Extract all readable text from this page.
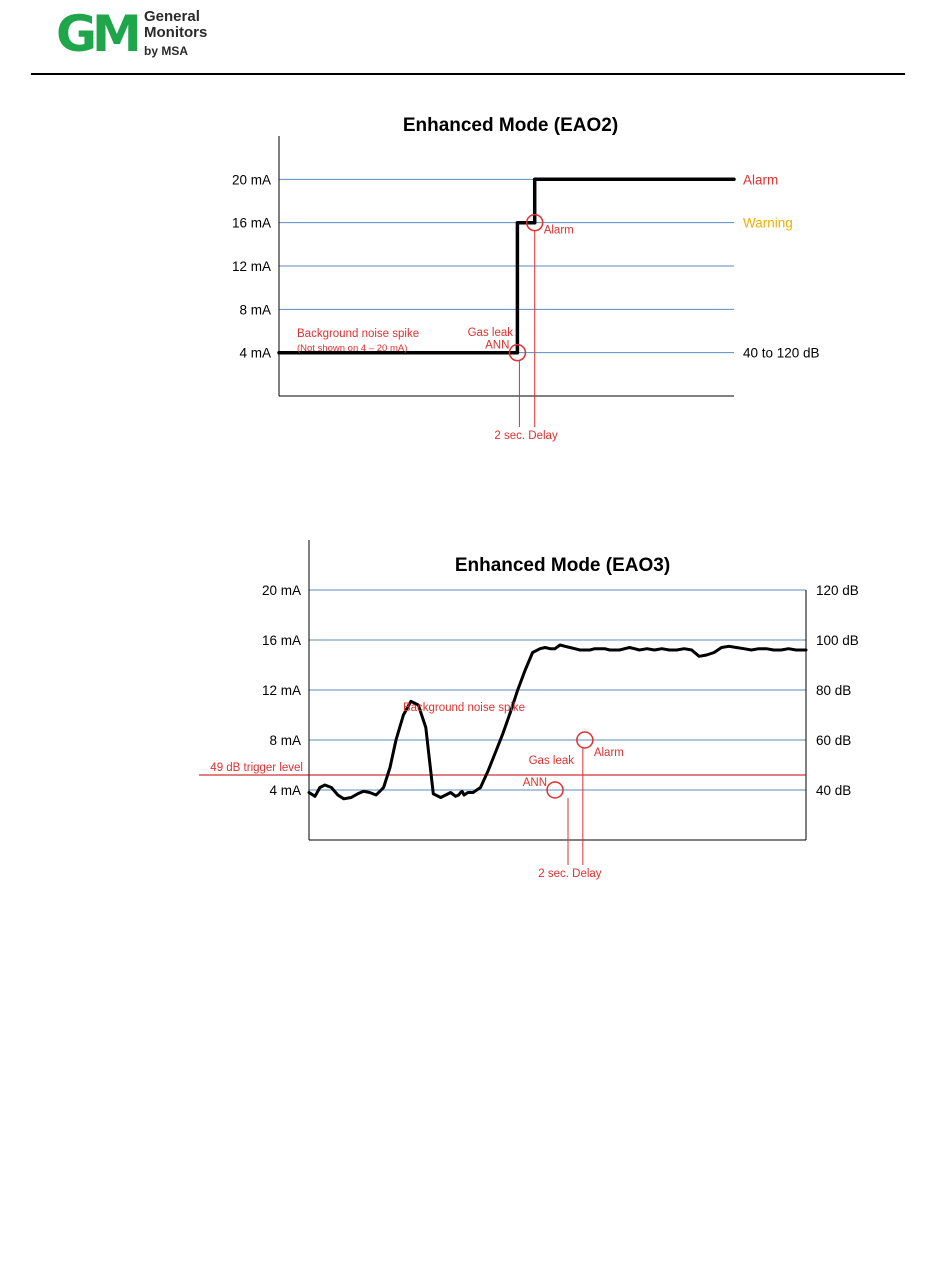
GM General
Monitors
by MSA
Enhanced Mode (EAO2)
4 mA
8 mA
12 mA
16 mA
20 mA	Alarm
Warning
40 to 120 dB
2 sec. Delay
Background noise spike
(Not shown on 4 – 20 mA)
Gas leak
ANN
Alarm
Enhanced Mode (EAO3)
4 mA
8 mA
12 mA
16 mA
20 mA
40 dB
60 dB
80 dB
100 dB
120 dB
49 dB trigger level
2 sec. Delay
Background noise spike
Gas leak
ANN
Alarm
